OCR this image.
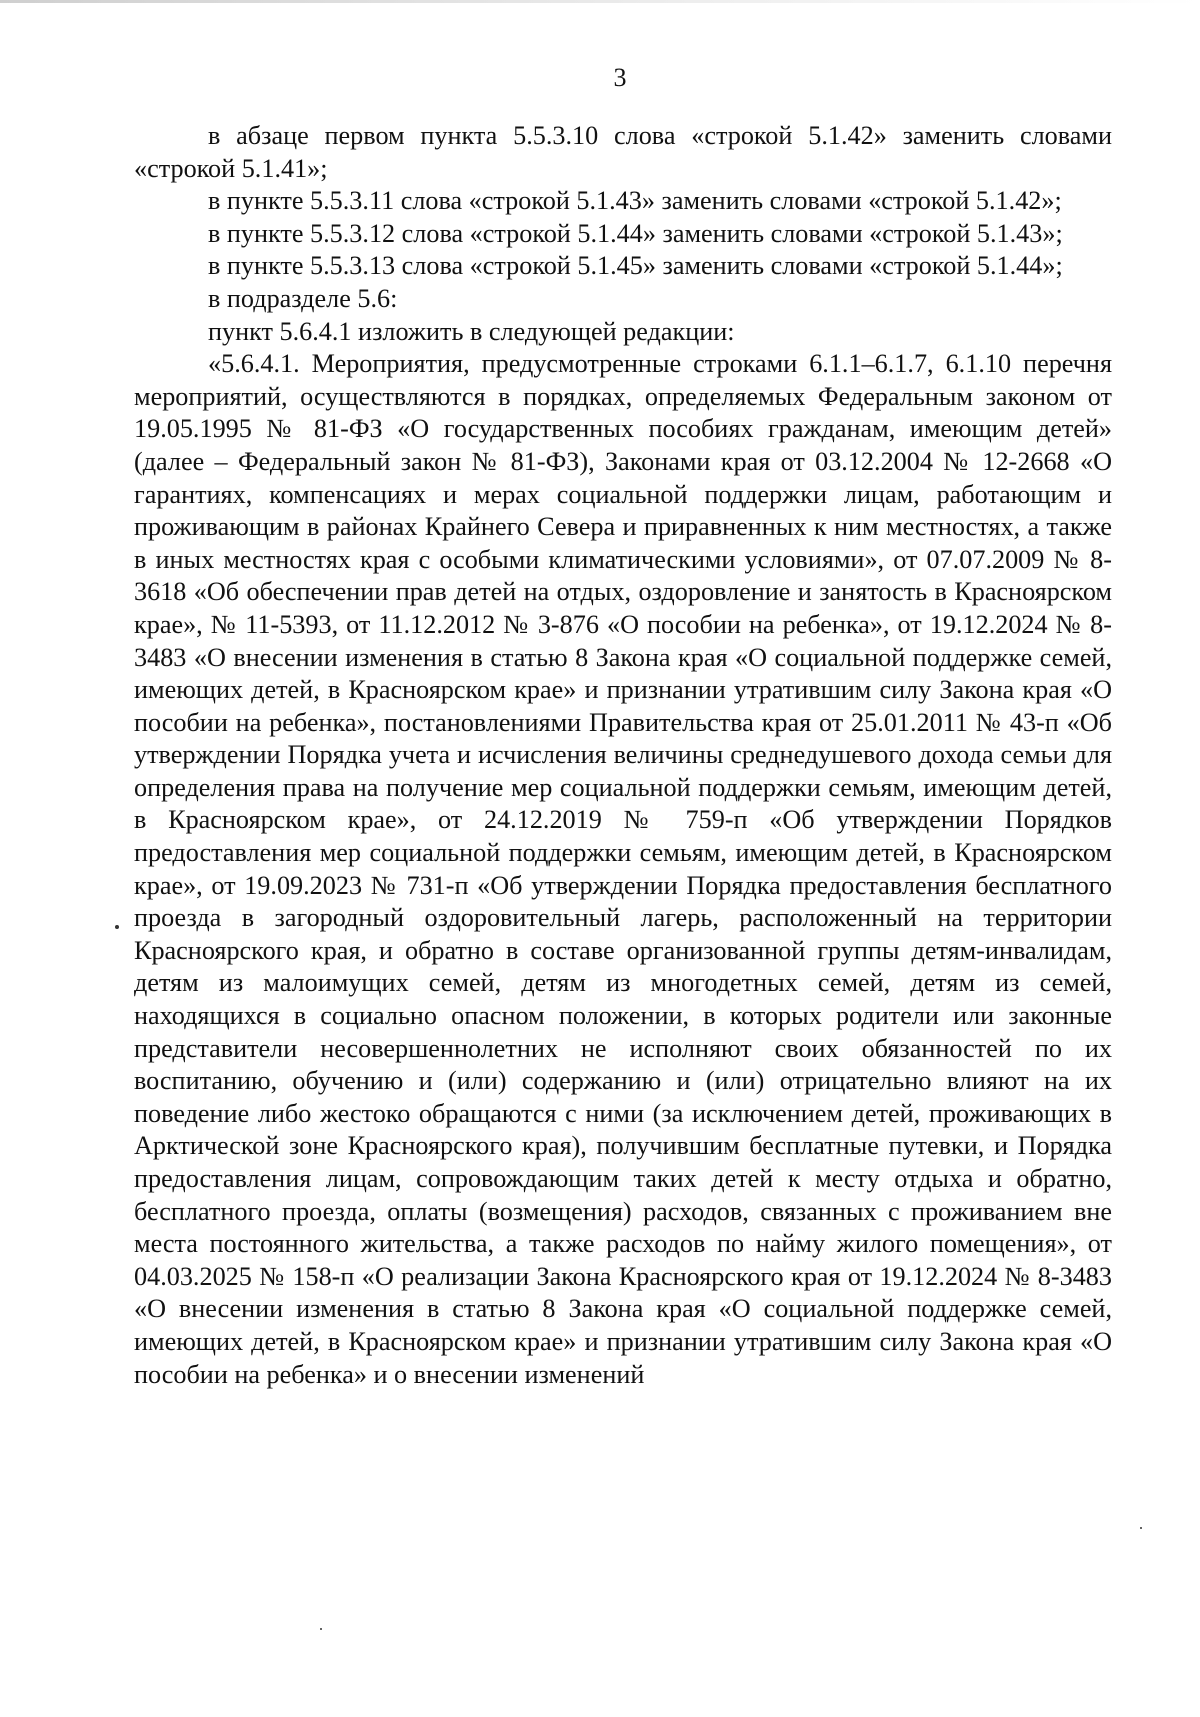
3

в абзаце первом пункта 5.5.3.10 слова «строкой 5.1.42» заменить словами «строкой 5.1.41»;

в пункте 5.5.3.11 слова «строкой 5.1.43» заменить словами «строкой 5.1.42»;

в пункте 5.5.3.12 слова «строкой 5.1.44» заменить словами «строкой 5.1.43»;

в пункте 5.5.3.13 слова «строкой 5.1.45» заменить словами «строкой 5.1.44»;

в подразделе 5.6:

пункт 5.6.4.1 изложить в следующей редакции:

«5.6.4.1. Мероприятия, предусмотренные строками 6.1.1–6.1.7, 6.1.10 перечня мероприятий, осуществляются в порядках, определяемых Федеральным законом от 19.05.1995 № 81-ФЗ «О государственных пособиях гражданам, имеющим детей» (далее – Федеральный закон № 81-ФЗ), Законами края от 03.12.2004 № 12-2668 «О гарантиях, компенсациях и мерах социальной поддержки лицам, работающим и проживающим в районах Крайнего Севера и приравненных к ним местностях, а также в иных местностях края с особыми климатическими условиями», от 07.07.2009 № 8-3618 «Об обеспечении прав детей на отдых, оздоровление и занятость в Красноярском крае», № 11-5393, от 11.12.2012 № 3-876 «О пособии на ребенка», от 19.12.2024 № 8-3483 «О внесении изменения в статью 8 Закона края «О социальной поддержке семей, имеющих детей, в Красноярском крае» и признании утратившим силу Закона края «О пособии на ребенка», постановлениями Правительства края от 25.01.2011 № 43-п «Об утверждении Порядка учета и исчисления величины среднедушевого дохода семьи для определения права на получение мер социальной поддержки семьям, имеющим детей, в Красноярском крае», от 24.12.2019 № 759-п «Об утверждении Порядков предоставления мер социальной поддержки семьям, имеющим детей, в Красноярском крае», от 19.09.2023 № 731-п «Об утверждении Порядка предоставления бесплатного проезда в загородный оздоровительный лагерь, расположенный на территории Красноярского края, и обратно в составе организованной группы детям-инвалидам, детям из малоимущих семей, детям из многодетных семей, детям из семей, находящихся в социально опасном положении, в которых родители или законные представители несовершеннолетних не исполняют своих обязанностей по их воспитанию, обучению и (или) содержанию и (или) отрицательно влияют на их поведение либо жестоко обращаются с ними (за исключением детей, проживающих в Арктической зоне Красноярского края), получившим бесплатные путевки, и Порядка предоставления лицам, сопровождающим таких детей к месту отдыха и обратно, бесплатного проезда, оплаты (возмещения) расходов, связанных с проживанием вне места постоянного жительства, а также расходов по найму жилого помещения», от 04.03.2025 № 158-п «О реализации Закона Красноярского края от 19.12.2024 № 8-3483 «О внесении изменения в статью 8 Закона края «О социальной поддержке семей, имеющих детей, в Красноярском крае» и признании утратившим силу Закона края «О пособии на ребенка» и о внесении изменений
